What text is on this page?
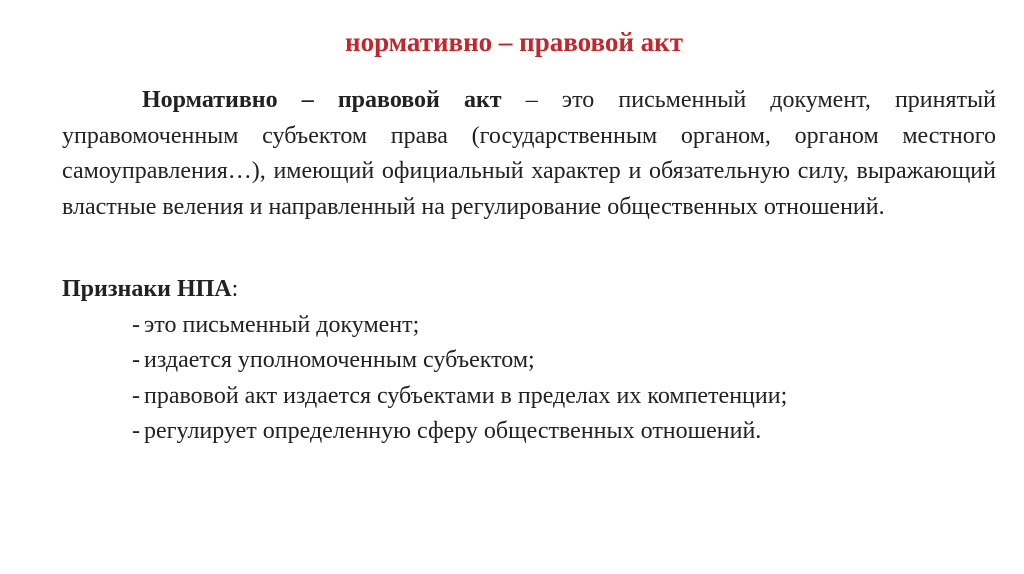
нормативно – правовой акт

Нормативно – правовой акт – это письменный документ, принятый управомоченным субъектом права (государственным органом, органом местного самоуправления…), имеющий официальный характер и обязательную силу, выражающий властные веления и направленный на регулирование общественных отношений.

Признаки НПА:

- это письменный документ;
- издается уполномоченным субъектом;
- правовой акт издается субъектами в пределах их компетенции;
- регулирует определенную сферу общественных отношений.
